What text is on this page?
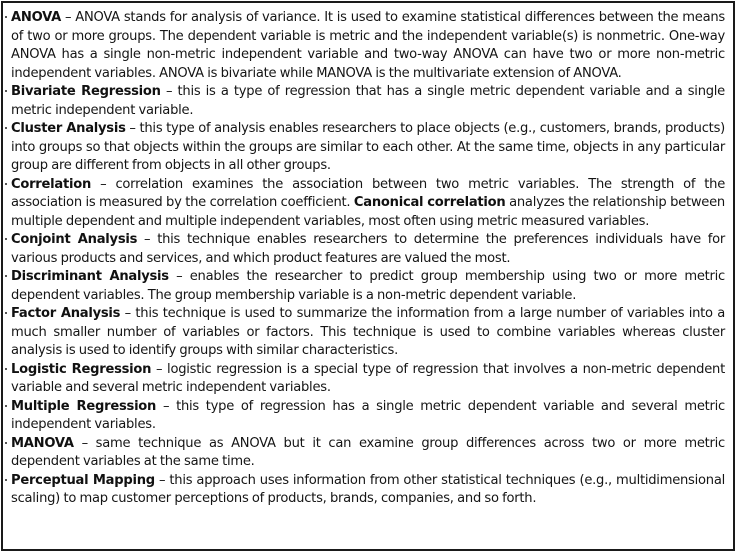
ANOVA – ANOVA stands for analysis of variance. It is used to examine statistical differences between the means of two or more groups. The dependent variable is metric and the independent variable(s) is nonmetric. One-way ANOVA has a single non-metric independent variable and two-way ANOVA can have two or more non-metric independent variables. ANOVA is bivariate while MANOVA is the multivariate extension of ANOVA.

Bivariate Regression – this is a type of regression that has a single metric dependent variable and a single metric independent variable.

Cluster Analysis – this type of analysis enables researchers to place objects (e.g., customers, brands, products) into groups so that objects within the groups are similar to each other. At the same time, objects in any particular group are different from objects in all other groups.

Correlation – correlation examines the association between two metric variables. The strength of the association is measured by the correlation coefficient. Canonical correlation analyzes the relationship between multiple dependent and multiple independent variables, most often using metric measured variables.

Conjoint Analysis – this technique enables researchers to determine the preferences individuals have for various products and services, and which product features are valued the most.

Discriminant Analysis – enables the researcher to predict group membership using two or more metric dependent variables. The group membership variable is a non-metric dependent variable.

Factor Analysis – this technique is used to summarize the information from a large number of variables into a much smaller number of variables or factors. This technique is used to combine variables whereas cluster analysis is used to identify groups with similar characteristics.

Logistic Regression – logistic regression is a special type of regression that involves a non-metric dependent variable and several metric independent variables.

Multiple Regression – this type of regression has a single metric dependent variable and several metric independent variables.

MANOVA – same technique as ANOVA but it can examine group differences across two or more metric dependent variables at the same time.

Perceptual Mapping – this approach uses information from other statistical techniques (e.g., multidimensional scaling) to map customer perceptions of products, brands, companies, and so forth.
